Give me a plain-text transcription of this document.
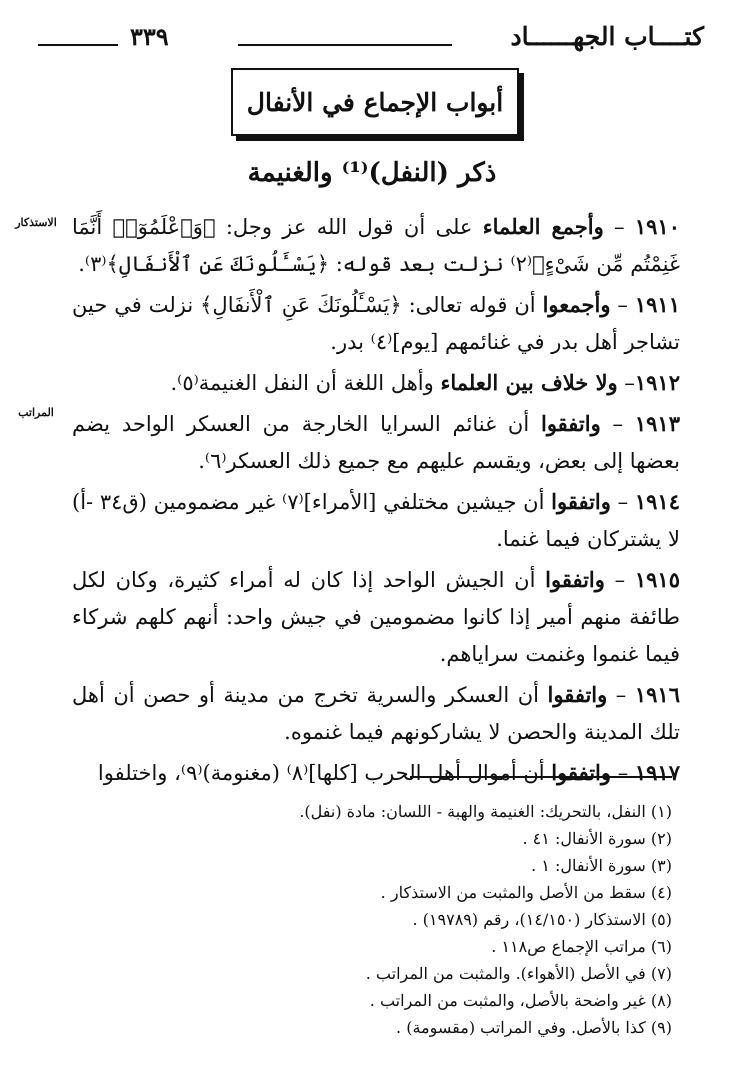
كتــــاب الجهــــــاد
٣٣٩
أبواب الإجماع في الأنفال
ذكر (النفل)⁽¹⁾ والغنيمة
الاستذكار
المراتب

١٩١٠ – وأجمع العلماء على أن قول الله عز وجل: ﴿وَٱعْلَمُوٓا۟ أَنَّمَا غَنِمْتُم مِّن شَىْءٍ﴾⁽٢⁾ نزلت بعد قوله: ﴿يَسْـَٔلُونَكَ عَنِ ٱلْأَنفَالِ﴾⁽٣⁾.

١٩١١ – وأجمعوا أن قوله تعالى: ﴿يَسْـَٔلُونَكَ عَنِ ٱلْأَنفَالِ﴾ نزلت في حين تشاجر أهل بدر في غنائمهم [يوم]⁽٤⁾ بدر.

١٩١٢– ولا خلاف بين العلماء وأهل اللغة أن النفل الغنيمة⁽٥⁾.

١٩١٣ – واتفقوا أن غنائم السرايا الخارجة من العسكر الواحد يضم بعضها إلى بعض، ويقسم عليهم مع جميع ذلك العسكر⁽٦⁾.

١٩١٤ – واتفقوا أن جيشين مختلفي [الأمراء]⁽٧⁾ غير مضمومين (ق٣٤ -أ) لا يشتركان فيما غنما.

١٩١٥ – واتفقوا أن الجيش الواحد إذا كان له أمراء كثيرة، وكان لكل طائفة منهم أمير إذا كانوا مضمومين في جيش واحد: أنهم كلهم شركاء فيما غنموا وغنمت سراياهم.

١٩١٦ – واتفقوا أن العسكر والسرية تخرج من مدينة أو حصن أن أهل تلك المدينة والحصن لا يشاركونهم فيما غنموه.

١٩١٧ – واتفقوا أن أموال أهل الحرب [كلها]⁽٨⁾ (مغنومة)⁽٩⁾، واختلفوا

(١) النفل، بالتحريك: الغنيمة والهبة - اللسان: مادة (نفل).
(٢) سورة الأنفال: ٤١ .
(٣) سورة الأنفال: ١ .
(٤) سقط من الأصل والمثبت من الاستذكار .
(٥) الاستذكار (١٤/١٥٠)، رقم (١٩٧٨٩) .
(٦) مراتب الإجماع ص١١٨ .
(٧) في الأصل (الأهواء). والمثبت من المراتب .
(٨) غير واضحة بالأصل، والمثبت من المراتب .
(٩) كذا بالأصل. وفي المراتب (مقسومة) .
